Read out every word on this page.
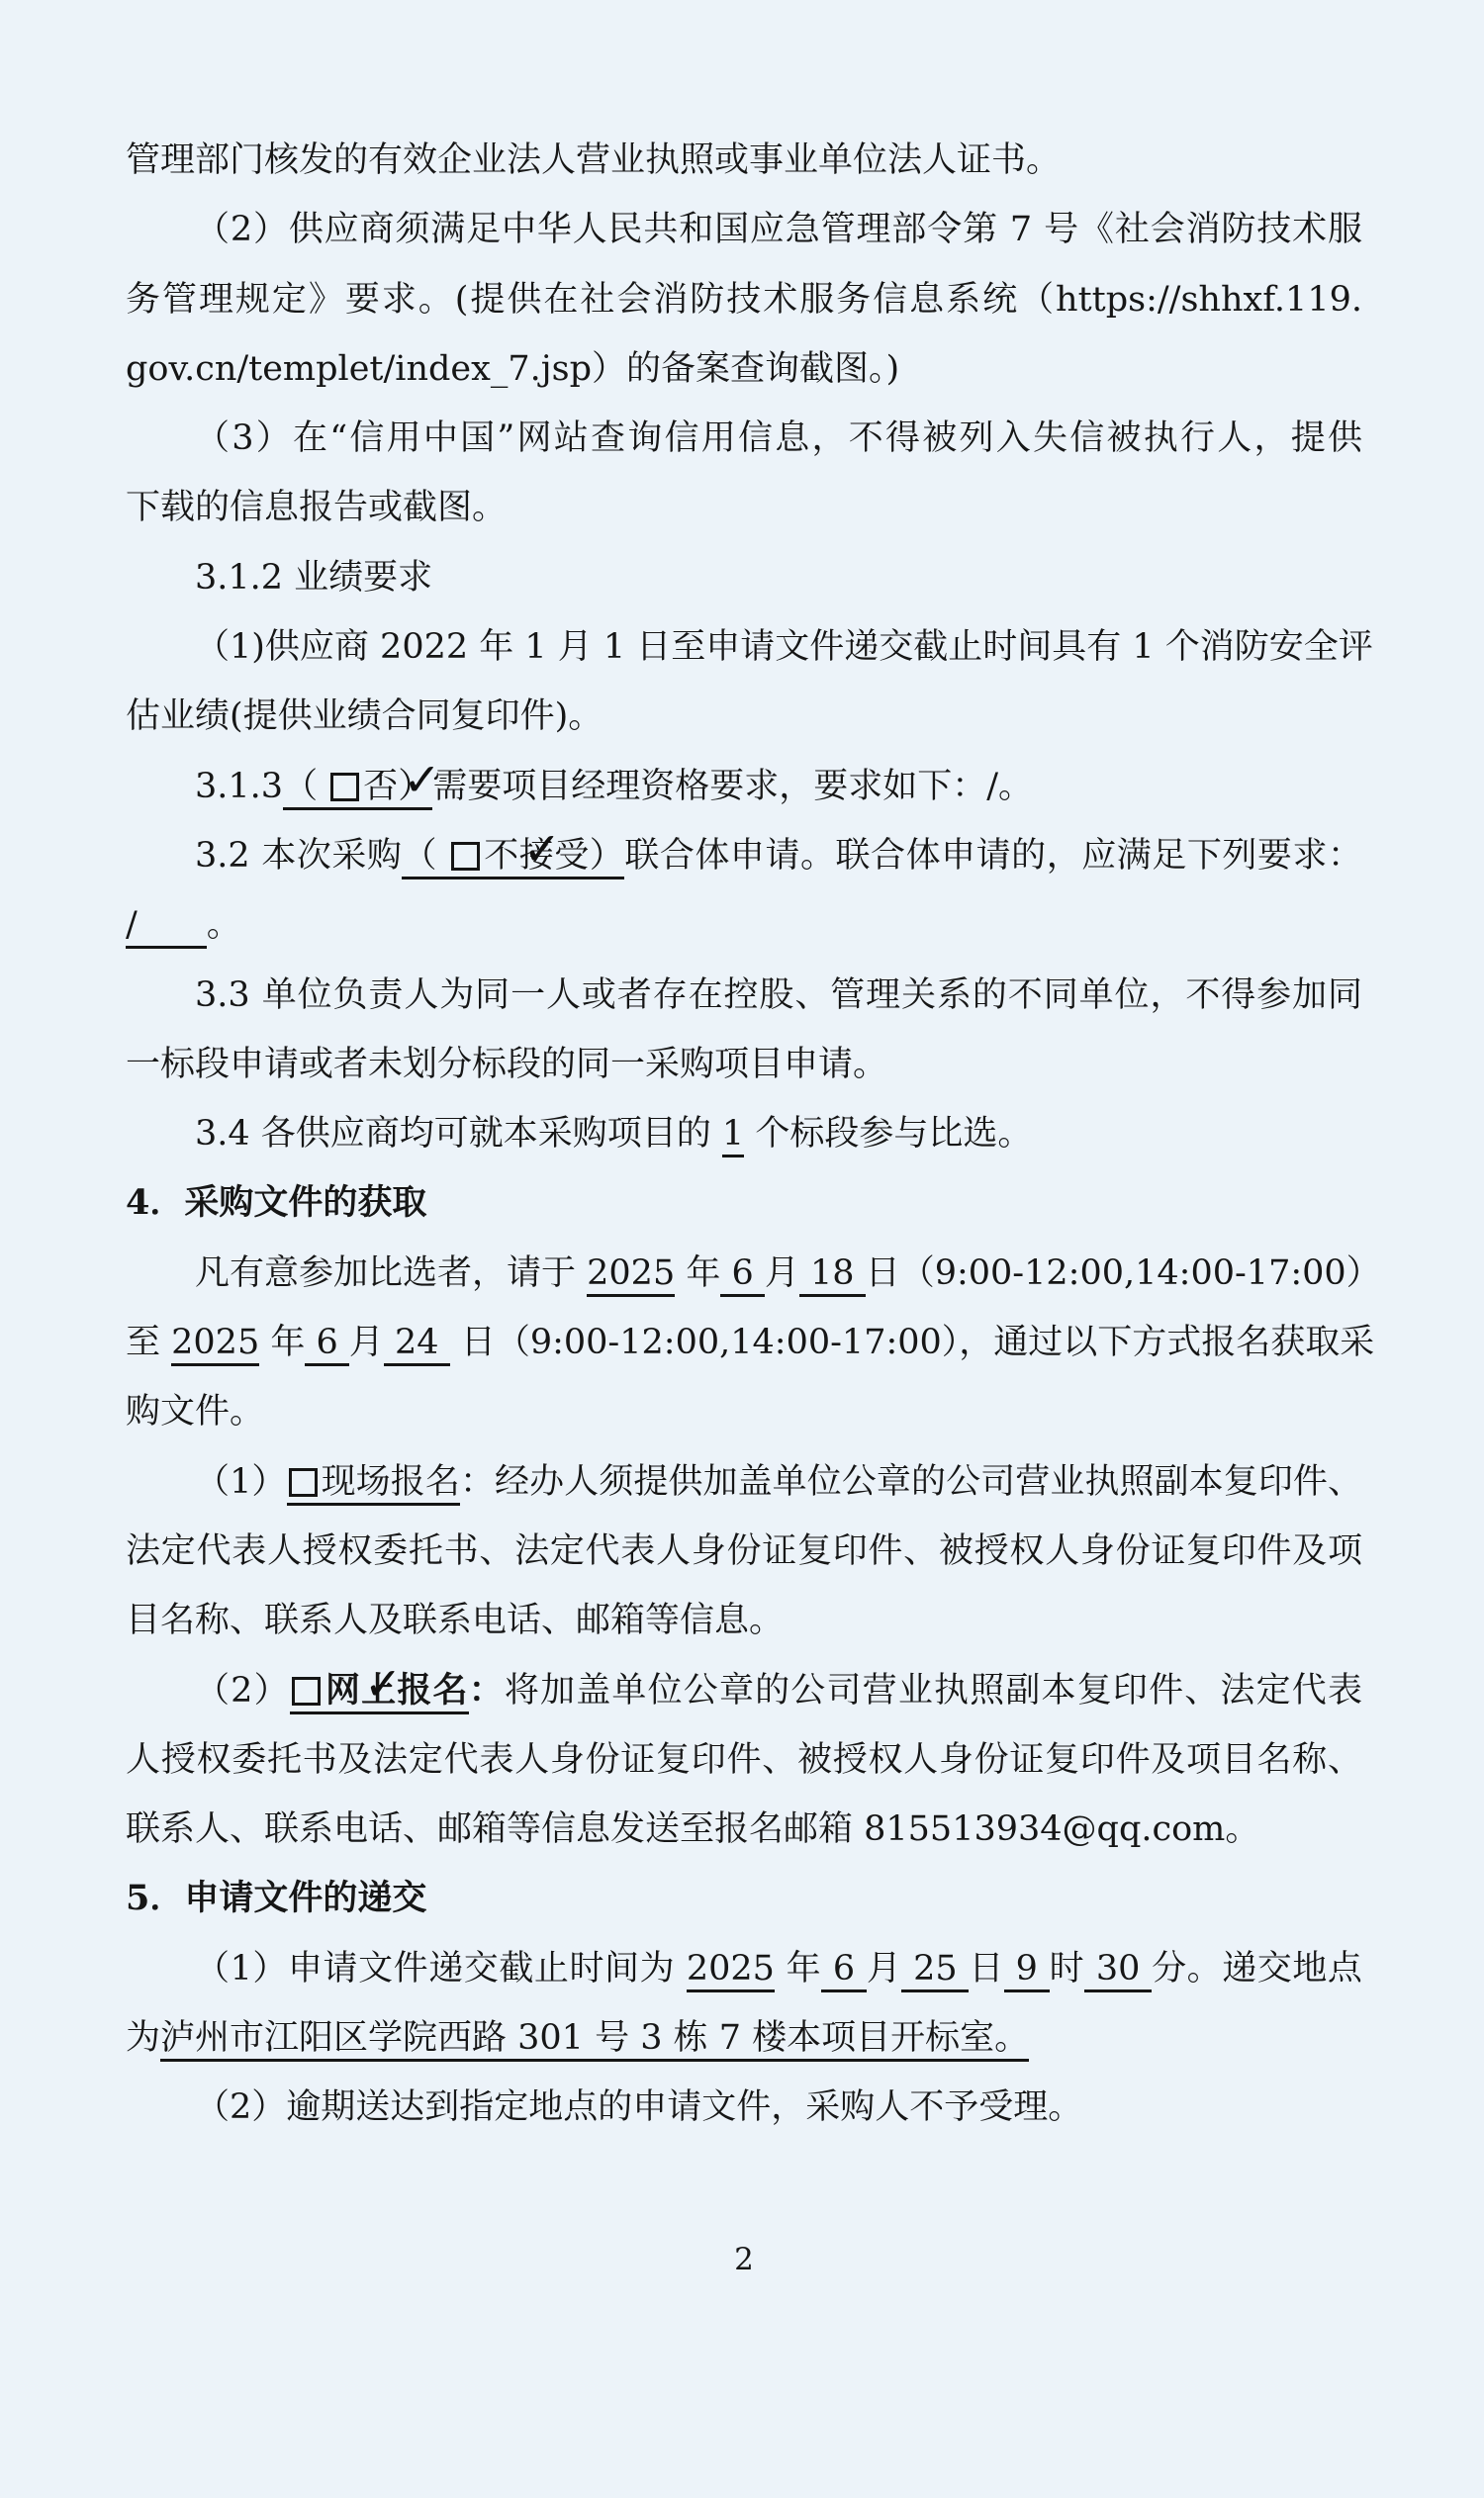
管理部门核发的有效企业法人营业执照或事业单位法人证书。
（2）供应商须满足中华人民共和国应急管理部令第 7 号《社会消防技术服
务管理规定》要求。(提供在社会消防技术服务信息系统（https://shhxf.119.
gov.cn/templet/index_7.jsp）的备案查询截图。)
（3）在“信用中国”网站查询信用信息，不得被列入失信被执行人，提供
下载的信息报告或截图。
3.1.2 业绩要求
（1)供应商 2022 年 1 月 1 日至申请文件递交截止时间具有 1 个消防安全评
估业绩(提供业绩合同复印件)。
3.1.3（  ✓否）需要项目经理资格要求，要求如下：/。
3.2 本次采购（  ✓不接受）联合体申请。联合体申请的，应满足下列要求：
/ 。
3.3 单位负责人为同一人或者存在控股、管理关系的不同单位，不得参加同
一标段申请或者未划分标段的同一采购项目申请。
3.4 各供应商均可就本采购项目的 1 个标段参与比选。
4．采购文件的获取
凡有意参加比选者，请于 2025 年 6 月 18 日（9:00-12:00,14:00-17:00）
至 2025 年 6 月 24  日（9:00-12:00,14:00-17:00），通过以下方式报名获取采
购文件。
（1） 现场报名：经办人须提供加盖单位公章的公司营业执照副本复印件、
法定代表人授权委托书、法定代表人身份证复印件、被授权人身份证复印件及项
目名称、联系人及联系电话、邮箱等信息。
（2） ✓ 网上报名：将加盖单位公章的公司营业执照副本复印件、法定代表
人授权委托书及法定代表人身份证复印件、被授权人身份证复印件及项目名称、
联系人、联系电话、邮箱等信息发送至报名邮箱 815513934@qq.com。
5．申请文件的递交
（1）申请文件递交截止时间为 2025 年 6 月 25 日 9 时 30 分。递交地点
为泸州市江阳区学院西路 301 号 3 栋 7 楼本项目开标室。
（2）逾期送达到指定地点的申请文件，采购人不予受理。
2
